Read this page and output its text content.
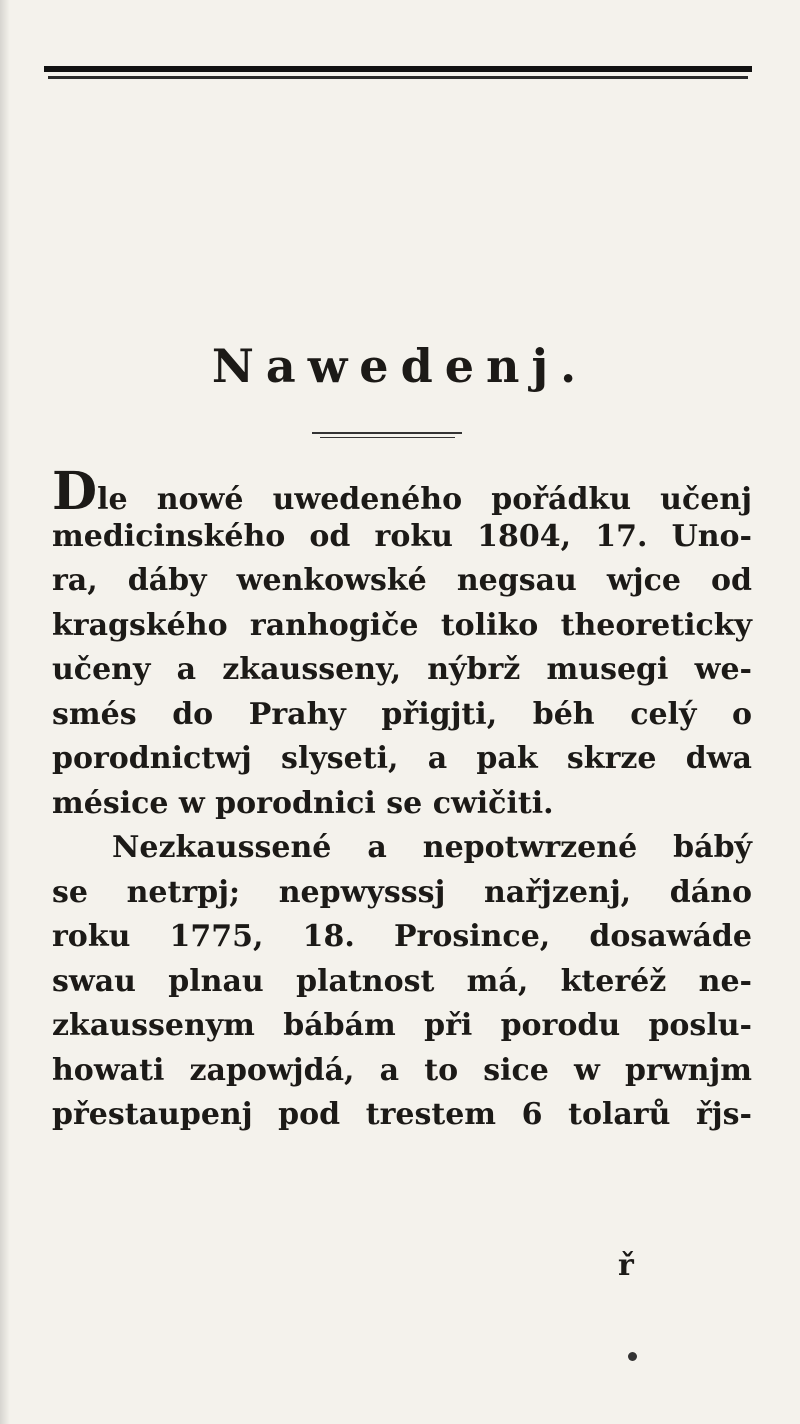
Nawedenj.
Dle nowé uwedeného pořádku učenj
medicinského od roku 1804, 17. Uno-
ra, dáby wenkowské negsau wjce od
kragského ranhogiče toliko theoreticky
učeny a zkausseny, nýbrž musegi we-
smés do Prahy přigjti, béh celý o
porodnictwj slyseti, a pak skrze dwa
mésice w porodnici se cwičiti.
Nezkaussené a nepotwrzené bábý
se netrpj; nepwysssj nařjzenj, dáno
roku 1775, 18. Prosince, dosawáde
swau plnau platnost má, kteréž ne-
zkaussenym bábám při porodu poslu-
howati zapowjdá, a to sice w prwnjm
přestaupenj pod trestem 6 tolarů řjs-
ř
